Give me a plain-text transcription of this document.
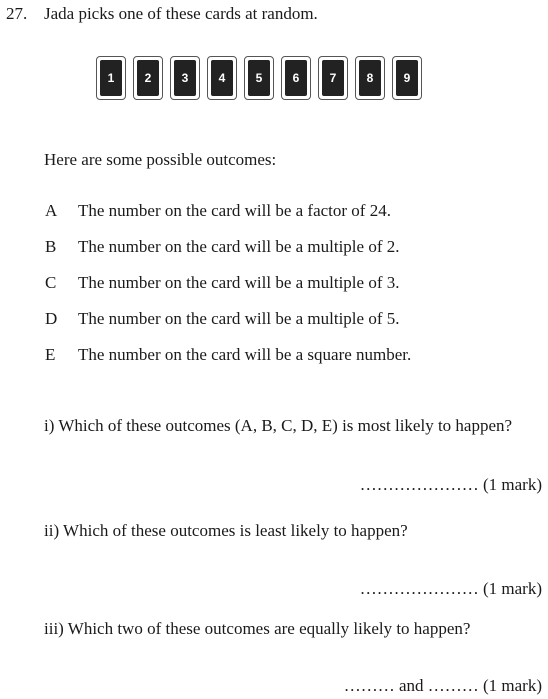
27. Jada picks one of these cards at random.
1	2	3	4	5	6	7	8	9
Here are some possible outcomes:
A The number on the card will be a factor of 24.
B The number on the card will be a multiple of 2.
C The number on the card will be a multiple of 3.
D The number on the card will be a multiple of 5.
E The number on the card will be a square number.
i) Which of these outcomes (A, B, C, D, E) is most likely to happen?
………………… (1 mark)
ii) Which of these outcomes is least likely to happen?
………………… (1 mark)
iii) Which two of these outcomes are equally likely to happen?
……… and ……… (1 mark)
